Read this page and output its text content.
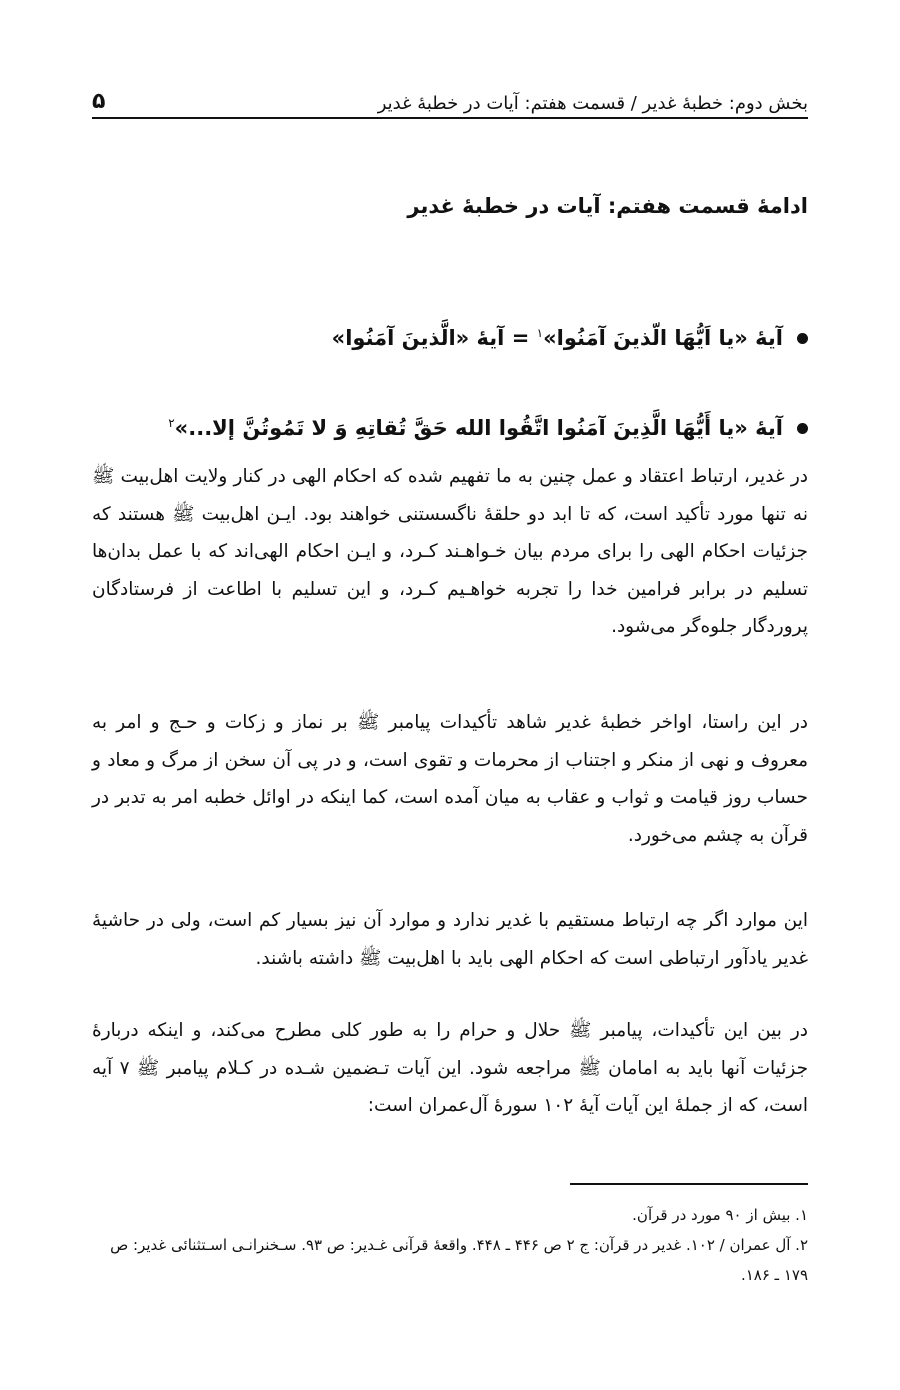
بخش دوم: خطبهٔ غدیر / قسمت هفتم: آیات در خطبهٔ غدیر
۵
ادامهٔ قسمت هفتم: آیات در خطبهٔ غدیر
آیهٔ «یا اَیُّهَا الّذینَ آمَنُوا»$^۱$ = آیهٔ «الَّذینَ آمَنُوا»
آیهٔ «یا أَیُّهَا الَّذِینَ آمَنُوا اتَّقُوا الله حَقَّ تُقاتِهِ وَ لا تَمُوتُنَّ إلا...»$^۲$

در غدیر، ارتباط اعتقاد و عمل چنین به ما تفهیم شده که احکام الهی در کنار ولایت اهل‌بیت ﷺ نه تنها مورد تأکید است، که تا ابد دو حلقهٔ ناگسستنی خواهند بود. ایـن اهل‌بیت ﷺ هستند که جزئیات احکام الهی را برای مردم بیان خـواهـند کـرد، و ایـن احکام الهی‌اند که با عمل بدان‌ها تسلیم در برابر فرامین خدا را تجربه خواهـیم کـرد، و این تسلیم با اطاعت از فرستادگان پروردگار جلوه‌گر می‌شود.

در این راستا، اواخر خطبهٔ غدیر شاهد تأکیدات پیامبر ﷺ بر نماز و زکات و حـج و امر به معروف و نهی از منکر و اجتناب از محرمات و تقوی است، و در پی آن سخن از مرگ و معاد و حساب روز قیامت و ثواب و عقاب به میان آمده است، کما اینکه در اوائل خطبه امر به تدبر در قرآن به چشم می‌خورد.

این موارد اگر چه ارتباط مستقیم با غدیر ندارد و موارد آن نیز بسیار کم است، ولی در حاشیهٔ غدیر یادآور ارتباطی است که احکام الهی باید با اهل‌بیت ﷺ داشته باشند.

در بین این تأکیدات، پیامبر ﷺ حلال و حرام را به طور کلی مطرح می‌کند، و اینکه دربارهٔ جزئیات آنها باید به امامان ﷺ مراجعه شود. این آیات تـضمین شـده در کـلام پیامبر ﷺ ۷ آیه است، که از جملهٔ این آیات آیهٔ ۱۰۲ سورهٔ آل‌عمران است:

۱. بیش از ۹۰ مورد در قرآن.

۲. آل عمران / ۱۰۲. غدیر در قرآن: ج ۲ ص ۴۴۶ ـ ۴۴۸. واقعهٔ قرآنی غـدیر: ص ۹۳. سـخنرانـی اسـتثنائی غدیر: ص ۱۷۹ ـ ۱۸۶.
